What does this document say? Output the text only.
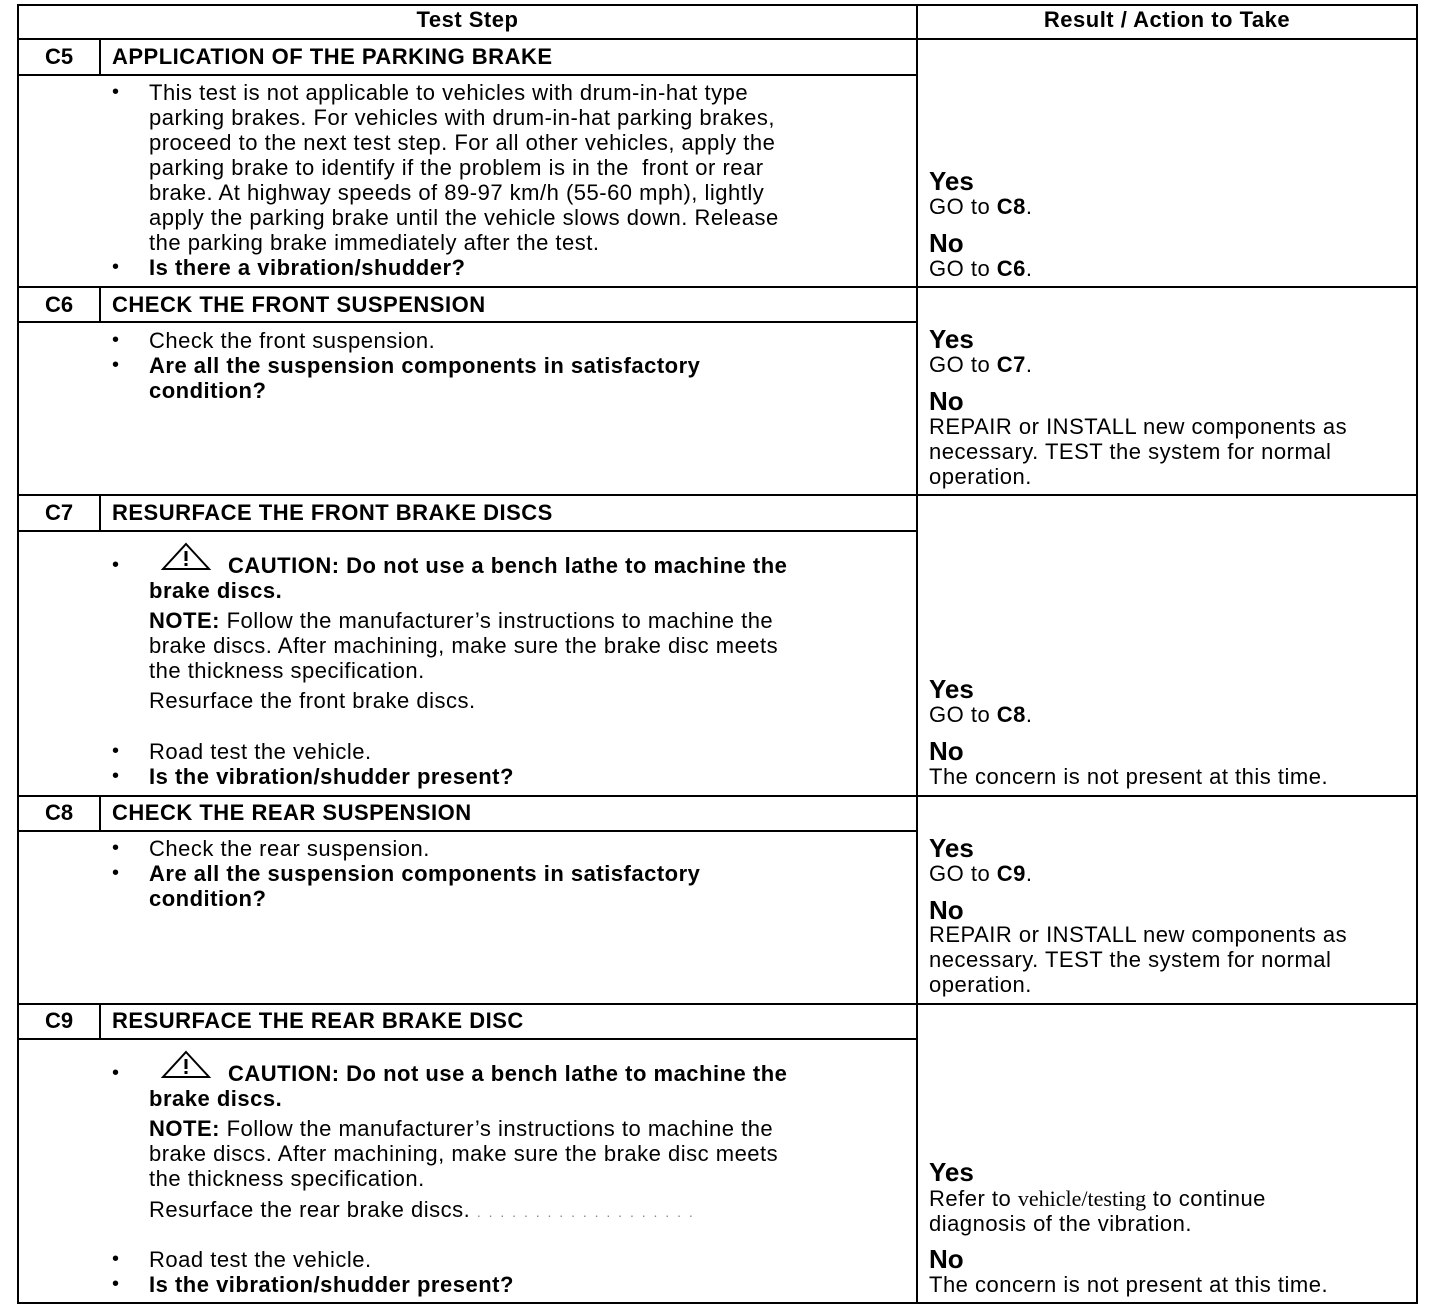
Test Step	Result / Action to Take
C5	APPLICATION OF THE PARKING BRAKE
• This test is not applicable to vehicles with drum-in-hat type
parking brakes. For vehicles with drum-in-hat parking brakes,
proceed to the next test step. For all other vehicles, apply the
parking brake to identify if the problem is in the  front or rear
brake. At highway speeds of 89-97 km/h (55-60 mph), lightly
apply the parking brake until the vehicle slows down. Release
the parking brake immediately after the test.
• Is there a vibration/shudder?
Yes
GO to C8.
No
GO to C6.
C6	CHECK THE FRONT SUSPENSION
• Check the front suspension.
• Are all the suspension components in satisfactory
condition?
Yes
GO to C7.
No
REPAIR or INSTALL new components as
necessary. TEST the system for normal
operation.
C7	RESURFACE THE FRONT BRAKE DISCS
•	CAUTION: Do not use a bench lathe to machine the
brake discs.
NOTE: Follow the manufacturer’s instructions to machine the
brake discs. After machining, make sure the brake disc meets
the thickness specification.
Resurface the front brake discs.
• Road test the vehicle.
• Is the vibration/shudder present?
Yes
GO to C8.
No
The concern is not present at this time.
C8	CHECK THE REAR SUSPENSION
• Check the rear suspension.
• Are all the suspension components in satisfactory
condition?
Yes
GO to C9.
No
REPAIR or INSTALL new components as
necessary. TEST the system for normal
operation.
C9	RESURFACE THE REAR BRAKE DISC
•	CAUTION: Do not use a bench lathe to machine the
brake discs.
NOTE: Follow the manufacturer’s instructions to machine the
brake discs. After machining, make sure the brake disc meets
the thickness specification.
Resurface the rear brake discs. . . . . . . . . . . . . . . . . . . .
• Road test the vehicle.
• Is the vibration/shudder present?
Yes
Refer to vehicle/testing to continue
diagnosis of the vibration.
No
The concern is not present at this time.
